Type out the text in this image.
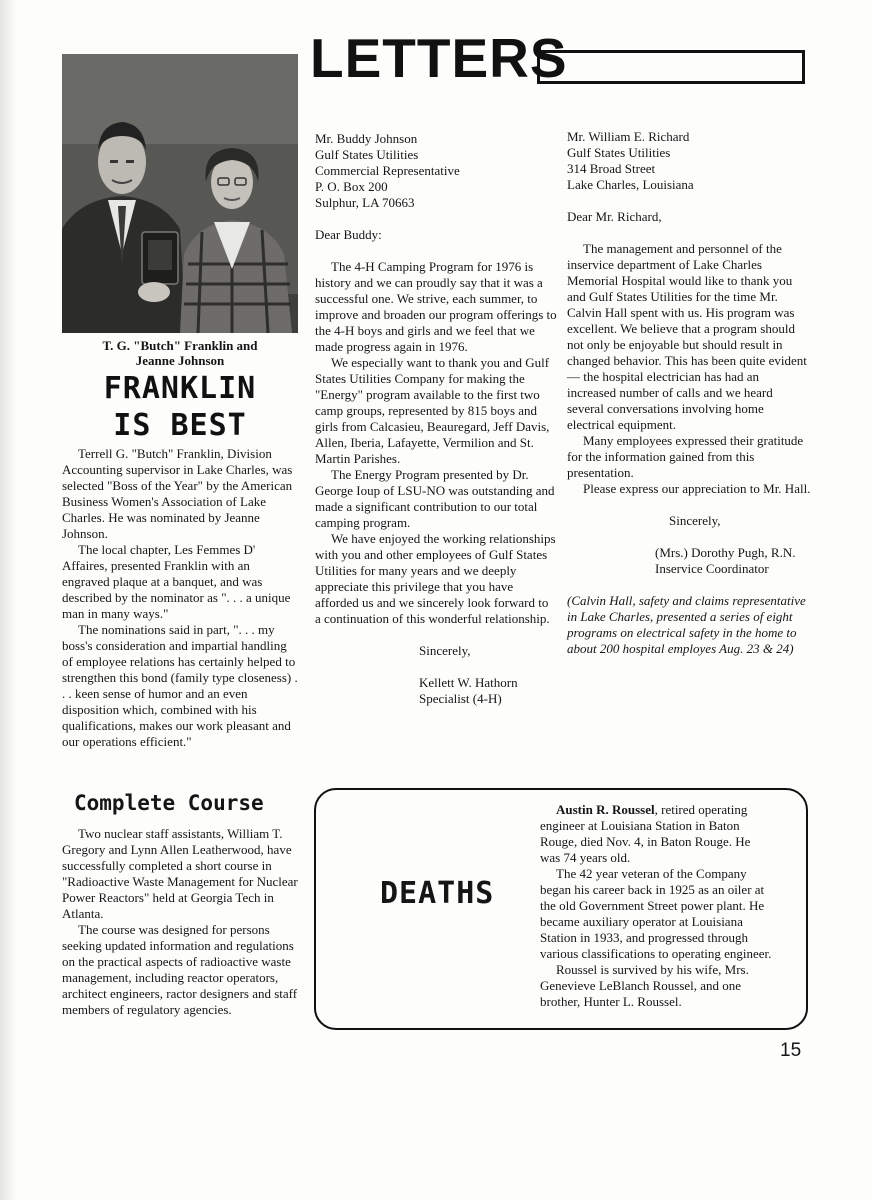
LETTERS
T. G. "Butch" Franklin and
Jeanne Johnson
FRANKLIN
IS BEST

Terrell G. "Butch" Franklin, Division Accounting supervisor in Lake Charles, was selected "Boss of the Year" by the American Business Women's Association of Lake Charles. He was nominated by Jeanne Johnson.

The local chapter, Les Femmes D' Affaires, presented Franklin with an engraved plaque at a banquet, and was described by the nominator as ". . . a unique man in many ways."

The nominations said in part, ". . . my boss's consideration and impartial handling of employee relations has certainly helped to strengthen this bond (family type closeness) . . . keen sense of humor and an even disposition which, combined with his qualifications, makes our work pleasant and our operations efficient."

Mr. Buddy Johnson

Gulf States Utilities

Commercial Representative

P. O. Box 200

Sulphur, LA 70663

Dear Buddy:

The 4-H Camping Program for 1976 is history and we can proudly say that it was a successful one. We strive, each summer, to improve and broaden our program offerings to the 4-H boys and girls and we feel that we made progress again in 1976.

We especially want to thank you and Gulf States Utilities Company for making the "Energy" program available to the first two camp groups, represented by 815 boys and girls from Calcasieu, Beauregard, Jeff Davis, Allen, Iberia, Lafayette, Vermilion and St. Martin Parishes.

The Energy Program presented by Dr. George Ioup of LSU-NO was outstanding and made a significant contribution to our total camping program.

We have enjoyed the working relationships with you and other employees of Gulf States Utilities for many years and we deeply appreciate this privilege that you have afforded us and we sincerely look forward to a continuation of this wonderful relationship.

Sincerely,

Kellett W. Hathorn

Specialist (4-H)

Mr. William E. Richard

Gulf States Utilities

314 Broad Street

Lake Charles, Louisiana

Dear Mr. Richard,

The management and personnel of the inservice department of Lake Charles Memorial Hospital would like to thank you and Gulf States Utilities for the time Mr. Calvin Hall spent with us. His program was excellent. We believe that a program should not only be enjoyable but should result in changed behavior. This has been quite evident — the hospital electrician has had an increased number of calls and we heard several conversations involving home electrical equipment.

Many employees expressed their gratitude for the information gained from this presentation.

Please express our appreciation to Mr. Hall.

Sincerely,

(Mrs.) Dorothy Pugh, R.N.

Inservice Coordinator

(Calvin Hall, safety and claims representative in Lake Charles, presented a series of eight programs on electrical safety in the home to about 200 hospital employes Aug. 23 & 24)

Complete Course

Two nuclear staff assistants, William T. Gregory and Lynn Allen Leatherwood, have successfully completed a short course in "Radioactive Waste Management for Nuclear Power Reactors" held at Georgia Tech in Atlanta.

The course was designed for persons seeking updated information and regulations on the practical aspects of radioactive waste management, including reactor operators, architect engineers, ractor designers and staff members of regulatory agencies.

DEATHS

Austin R. Roussel, retired operating engineer at Louisiana Station in Baton Rouge, died Nov. 4, in Baton Rouge. He was 74 years old.

The 42 year veteran of the Company began his career back in 1925 as an oiler at the old Government Street power plant. He became auxiliary operator at Louisiana Station in 1933, and progressed through various classifications to operating engineer.

Roussel is survived by his wife, Mrs. Genevieve LeBlanch Roussel, and one brother, Hunter L. Roussel.

15
